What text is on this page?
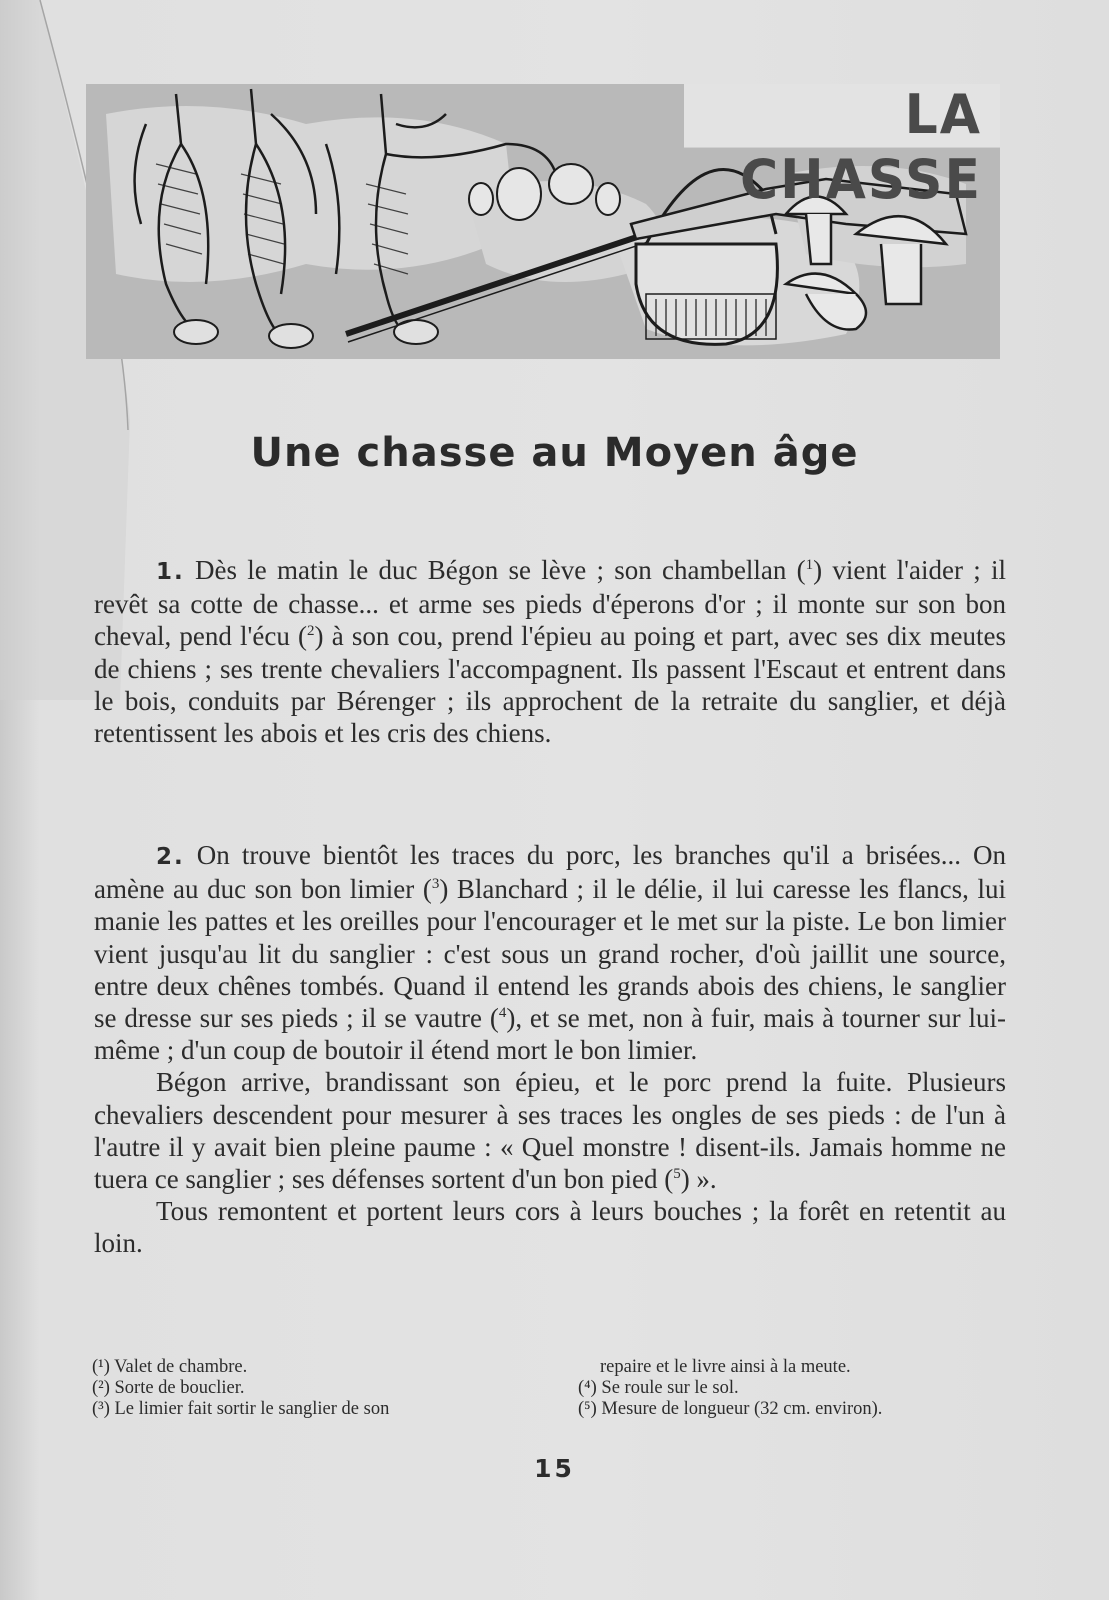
LA CHASSE
Une chasse au Moyen âge

1. Dès le matin le duc Bégon se lève ; son chambellan ($^1$) vient l'aider ; il revêt sa cotte de chasse... et arme ses pieds d'éperons d'or ; il monte sur son bon cheval, pend l'écu ($^2$) à son cou, prend l'épieu au poing et part, avec ses dix meutes de chiens ; ses trente chevaliers l'accompagnent. Ils passent l'Escaut et entrent dans le bois, conduits par Bérenger ; ils approchent de la retraite du sanglier, et déjà retentissent les abois et les cris des chiens.

2. On trouve bientôt les traces du porc, les branches qu'il a brisées... On amène au duc son bon limier ($^3$) Blanchard ; il le délie, il lui caresse les flancs, lui manie les pattes et les oreilles pour l'encourager et le met sur la piste. Le bon limier vient jusqu'au lit du sanglier : c'est sous un grand rocher, d'où jaillit une source, entre deux chênes tombés. Quand il entend les grands abois des chiens, le sanglier se dresse sur ses pieds ; il se vautre ($^4$), et se met, non à fuir, mais à tourner sur lui-même ; d'un coup de boutoir il étend mort le bon limier.

Bégon arrive, brandissant son épieu, et le porc prend la fuite. Plusieurs chevaliers descendent pour mesurer à ses traces les ongles de ses pieds : de l'un à l'autre il y avait bien pleine paume : « Quel monstre ! disent-ils. Jamais homme ne tuera ce sanglier ; ses défenses sortent d'un bon pied ($^5$) ».

Tous remontent et portent leurs cors à leurs bouches ; la forêt en retentit au loin.

(¹) Valet de chambre.
(²) Sorte de bouclier.
(³) Le limier fait sortir le sanglier de son
repaire et le livre ainsi à la meute.
(⁴) Se roule sur le sol.
(⁵) Mesure de longueur (32 cm. environ).
15
